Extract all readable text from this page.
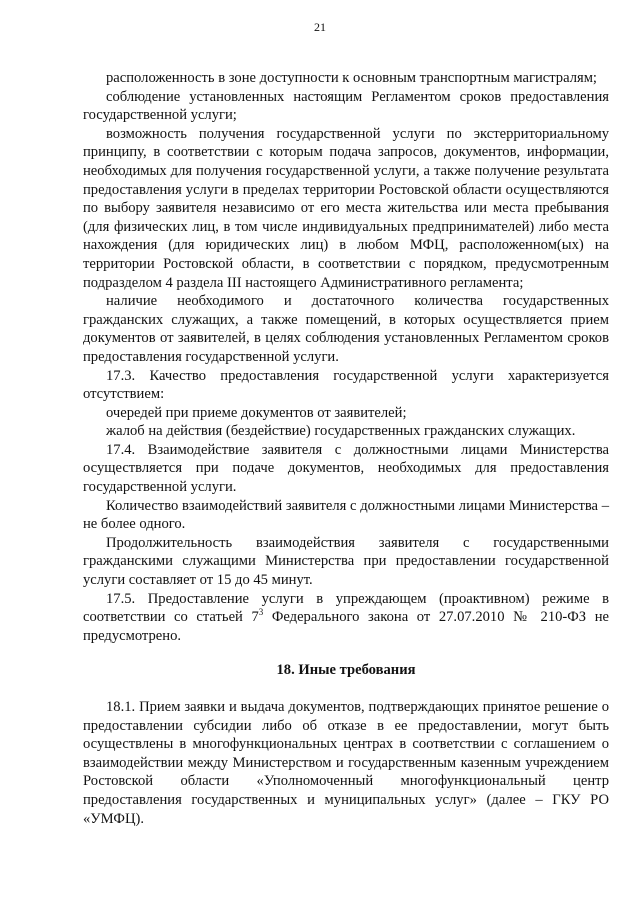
21

расположенность в зоне доступности к основным транспортным магистралям;

соблюдение установленных настоящим Регламентом сроков предоставления государственной услуги;

возможность получения государственной услуги по экстерриториальному принципу, в соответствии с которым подача запросов, документов, информации, необходимых для получения государственной услуги, а также получение результата предоставления услуги в пределах территории Ростовской области осуществляются по выбору заявителя независимо от его места жительства или места пребывания (для физических лиц, в том числе индивидуальных предпринимателей) либо места нахождения (для юридических лиц) в любом МФЦ, расположенном(ых) на территории Ростовской области, в соответствии с порядком, предусмотренным подразделом 4 раздела III настоящего Административного регламента;

наличие необходимого и достаточного количества государственных гражданских служащих, а также помещений, в которых осуществляется прием документов от заявителей, в целях соблюдения установленных Регламентом сроков предоставления государственной услуги.

17.3. Качество предоставления государственной услуги характеризуется отсутствием:

очередей при приеме документов от заявителей;

жалоб на действия (бездействие) государственных гражданских служащих.

17.4. Взаимодействие заявителя с должностными лицами Министерства осуществляется при подаче документов, необходимых для предоставления государственной услуги.

Количество взаимодействий заявителя с должностными лицами Министерства – не более одного.

Продолжительность взаимодействия заявителя с государственными гражданскими служащими Министерства при предоставлении государственной услуги составляет от 15 до 45 минут.

17.5. Предоставление услуги в упреждающем (проактивном) режиме в соответствии со статьей $7^3$ Федерального закона от 27.07.2010 № 210-ФЗ не предусмотрено.

18. Иные требования

18.1. Прием заявки и выдача документов, подтверждающих принятое решение о предоставлении субсидии либо об отказе в ее предоставлении, могут быть осуществлены в многофункциональных центрах в соответствии с соглашением о взаимодействии между Министерством и государственным казенным учреждением Ростовской области «Уполномоченный многофункциональный центр предоставления государственных и муниципальных услуг» (далее – ГКУ РО «УМФЦ).
